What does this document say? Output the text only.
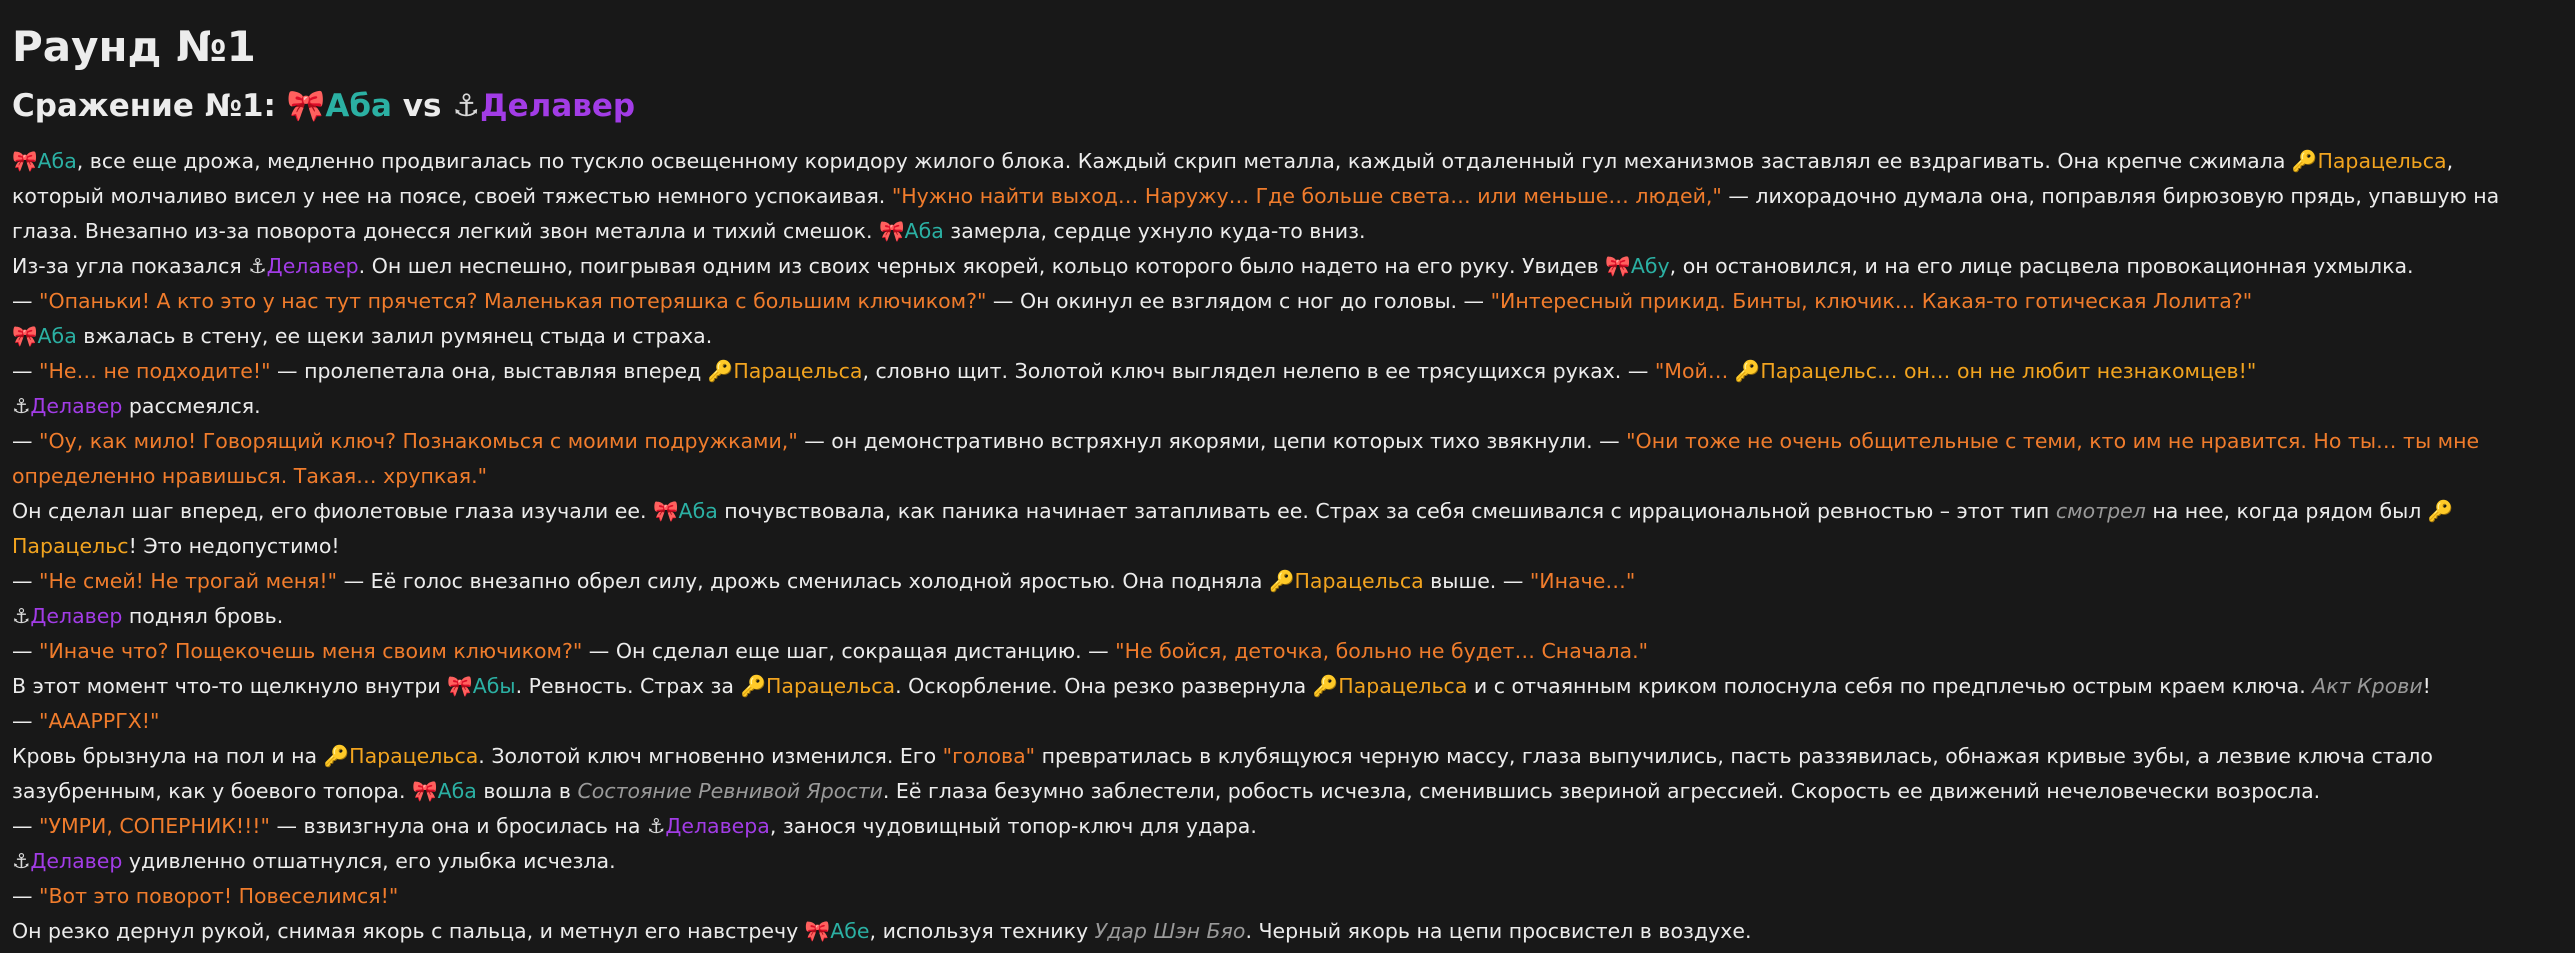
Раунд №1
Сражение №1: 🎀Аба vs ⚓Делавер

🎀Аба, все еще дрожа, медленно продвигалась по тускло освещенному коридору жилого блока. Каждый скрип металла, каждый отдаленный гул механизмов заставлял ее вздрагивать. Она крепче сжимала 🔑Парацельса, который молчаливо висел у нее на поясе, своей тяжестью немного успокаивая. "Нужно найти выход… Наружу… Где больше света… или меньше… людей," — лихорадочно думала она, поправляя бирюзовую прядь, упавшую на глаза. Внезапно из-за поворота донесся легкий звон металла и тихий смешок. 🎀Аба замерла, сердце ухнуло куда-то вниз.

Из-за угла показался ⚓Делавер. Он шел неспешно, поигрывая одним из своих черных якорей, кольцо которого было надето на его руку. Увидев 🎀Абу, он остановился, и на его лице расцвела провокационная ухмылка.

— "Опаньки! А кто это у нас тут прячется? Маленькая потеряшка с большим ключиком?" — Он окинул ее взглядом с ног до головы. — "Интересный прикид. Бинты, ключик… Какая-то готическая Лолита?"

🎀Аба вжалась в стену, ее щеки залил румянец стыда и страха.

— "Не… не подходите!" — пролепетала она, выставляя вперед 🔑Парацельса, словно щит. Золотой ключ выглядел нелепо в ее трясущихся руках. — "Мой… 🔑Парацельс… он… он не любит незнакомцев!"

⚓Делавер рассмеялся.

— "Оу, как мило! Говорящий ключ? Познакомься с моими подружками," — он демонстративно встряхнул якорями, цепи которых тихо звякнули. — "Они тоже не очень общительные с теми, кто им не нравится. Но ты… ты мне определенно нравишься. Такая… хрупкая."

Он сделал шаг вперед, его фиолетовые глаза изучали ее. 🎀Аба почувствовала, как паника начинает затапливать ее. Страх за себя смешивался с иррациональной ревностью – этот тип смотрел на нее, когда рядом был 🔑Парацельс! Это недопустимо!

— "Не смей! Не трогай меня!" — Её голос внезапно обрел силу, дрожь сменилась холодной яростью. Она подняла 🔑Парацельса выше. — "Иначе…"

⚓Делавер поднял бровь.

— "Иначе что? Пощекочешь меня своим ключиком?" — Он сделал еще шаг, сокращая дистанцию. — "Не бойся, деточка, больно не будет… Сначала."

В этот момент что-то щелкнуло внутри 🎀Абы. Ревность. Страх за 🔑Парацельса. Оскорбление. Она резко развернула 🔑Парацельса и с отчаянным криком полоснула себя по предплечью острым краем ключа. Акт Крови!

— "АААРРГХ!"

Кровь брызнула на пол и на 🔑Парацельса. Золотой ключ мгновенно изменился. Его "голова" превратилась в клубящуюся черную массу, глаза выпучились, пасть раззявилась, обнажая кривые зубы, а лезвие ключа стало зазубренным, как у боевого топора. 🎀Аба вошла в Состояние Ревнивой Ярости. Её глаза безумно заблестели, робость исчезла, сменившись звериной агрессией. Скорость ее движений нечеловечески возросла.

— "УМРИ, СОПЕРНИК!!!" — взвизгнула она и бросилась на ⚓Делавера, занося чудовищный топор-ключ для удара.

⚓Делавер удивленно отшатнулся, его улыбка исчезла.

— "Вот это поворот! Повеселимся!"

Он резко дернул рукой, снимая якорь с пальца, и метнул его навстречу 🎀Абе, используя технику Удар Шэн Бяо. Черный якорь на цепи просвистел в воздухе.
